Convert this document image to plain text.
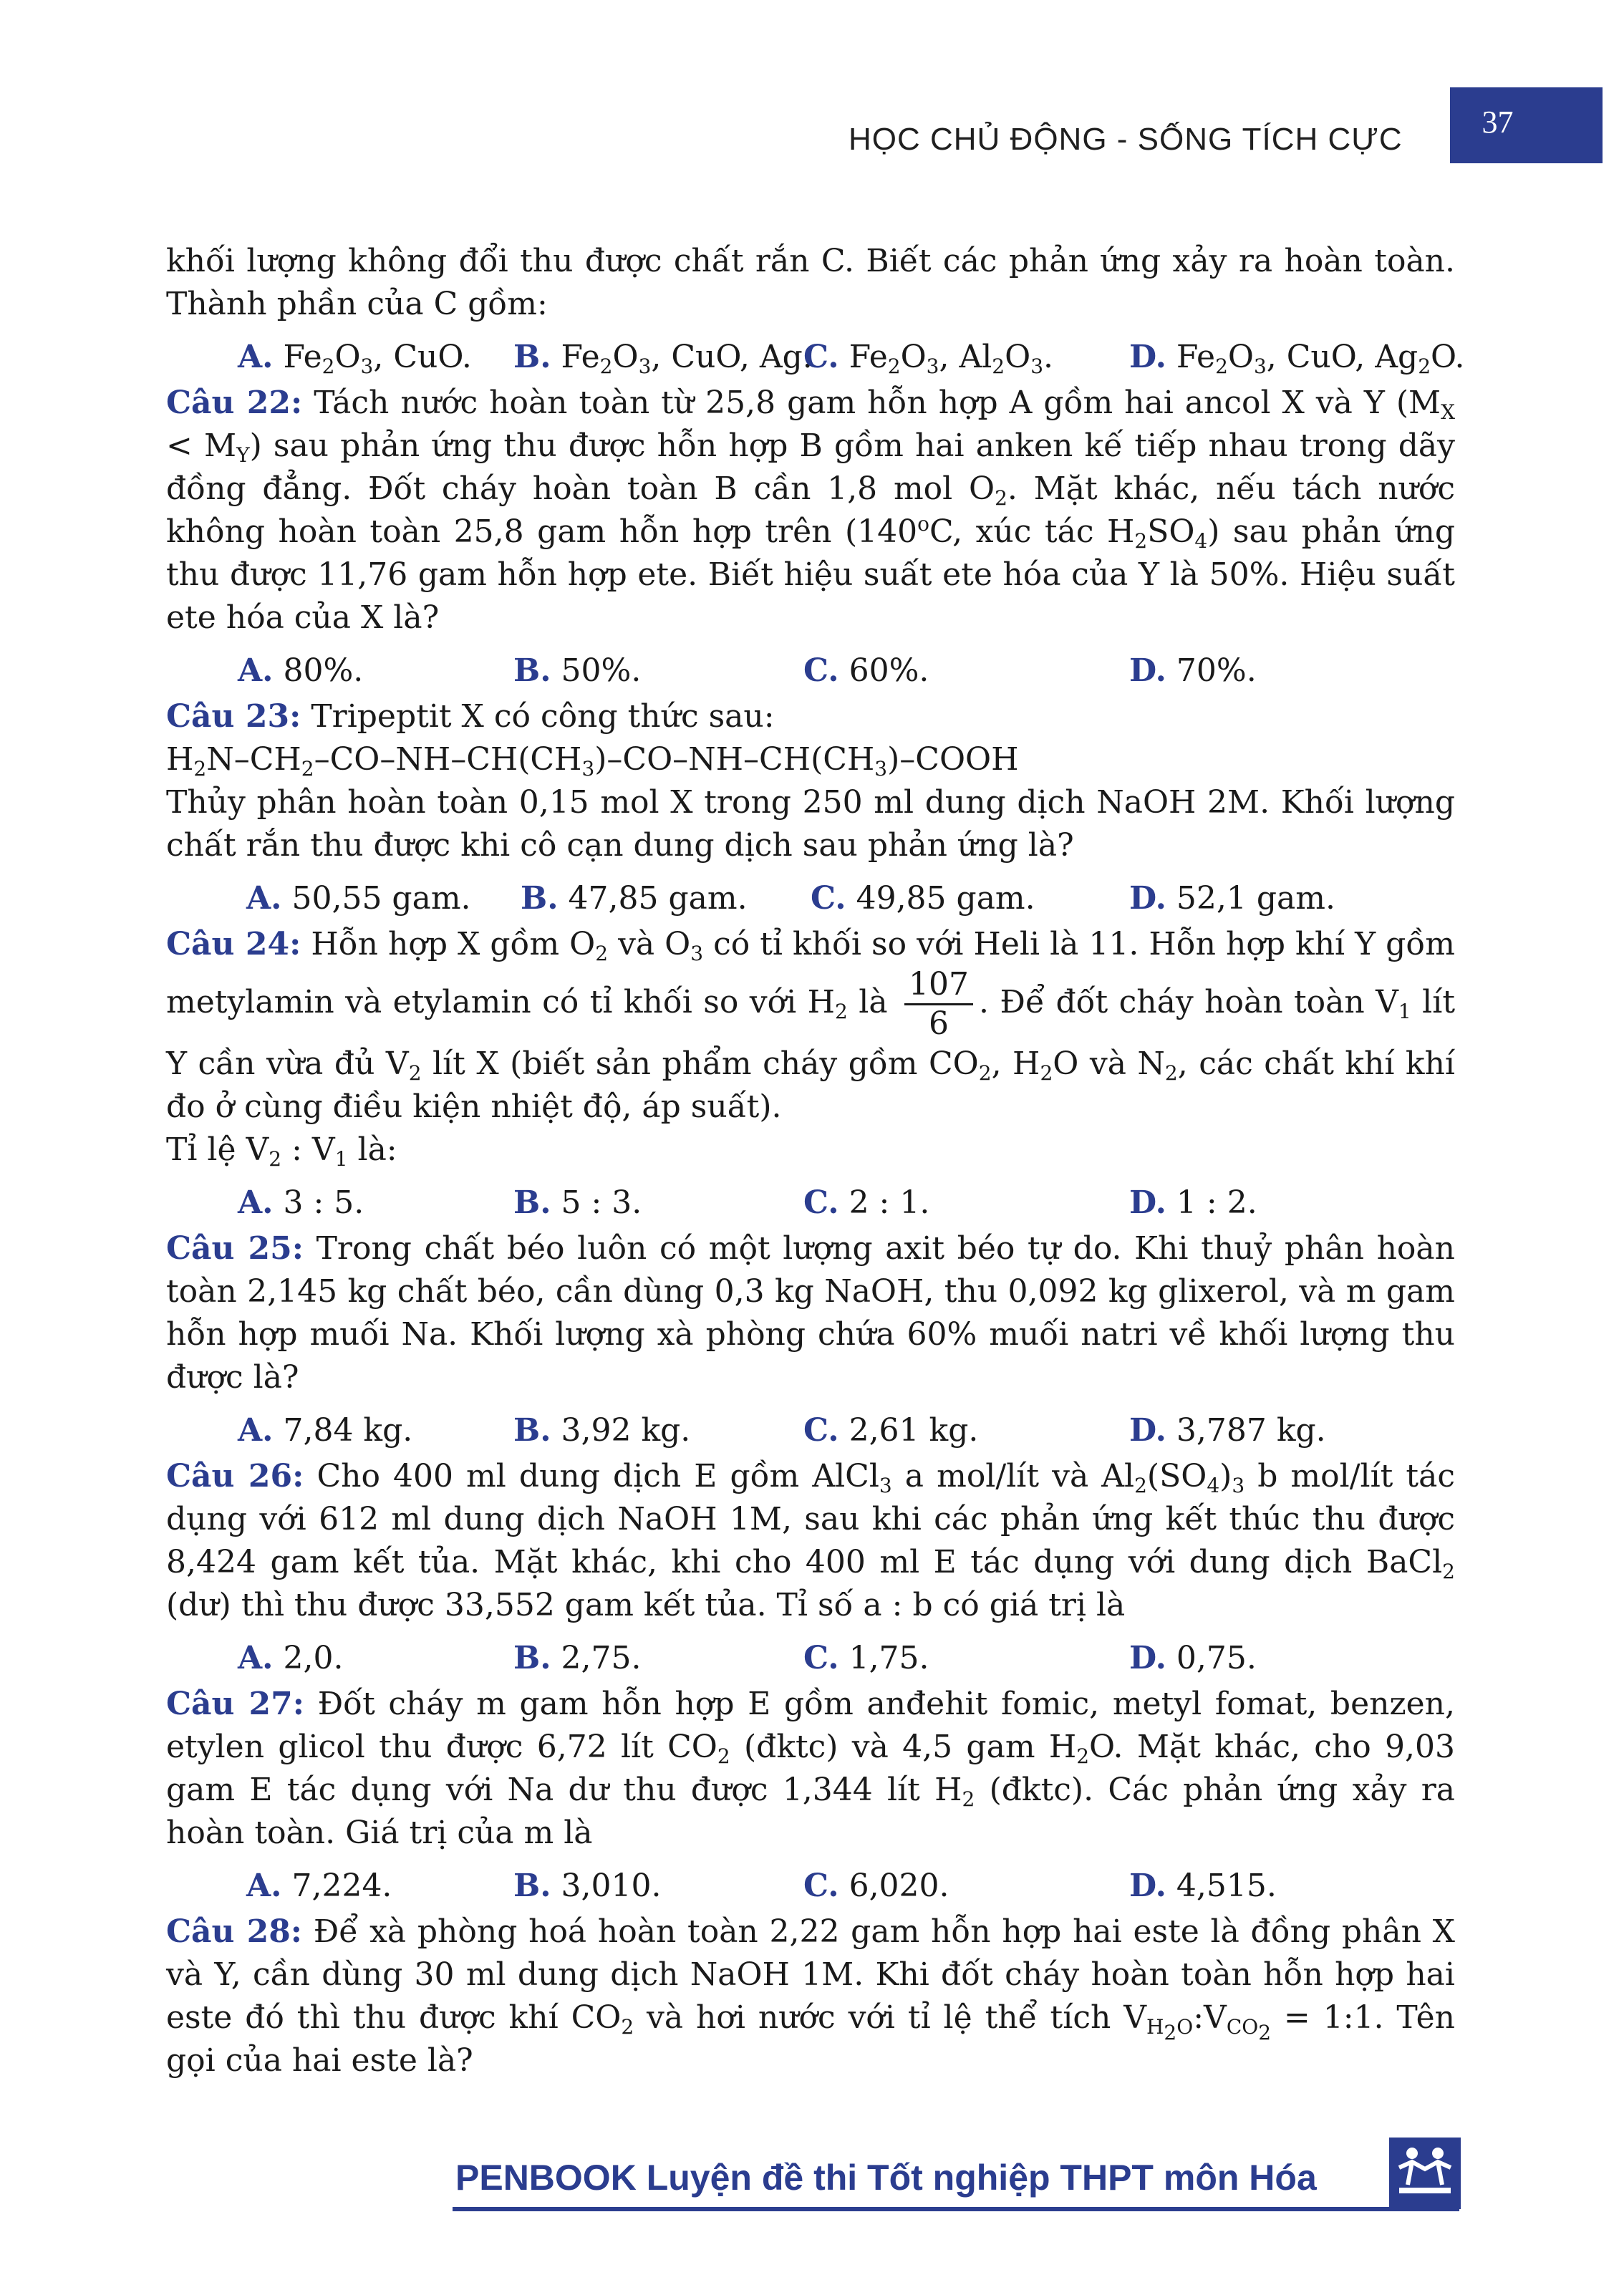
HỌC CHỦ ĐỘNG - SỐNG TÍCH CỰC	37

khối lượng không đổi thu được chất rắn C. Biết các phản ứng xảy ra hoàn toàn. Thành phần của C gồm:

A. $Fe_2O_3$, CuO. B. $Fe_2O_3$, CuO, Ag.
C. $Fe_2O_3$, $Al_2O_3$. D. $Fe_2O_3$, CuO, $Ag_2O$.

Câu 22: Tách nước hoàn toàn từ 25,8 gam hỗn hợp A gồm hai ancol X và Y $(M_X < M_Y)$ sau phản ứng thu được hỗn hợp B gồm hai anken kế tiếp nhau trong dãy đồng đẳng. Đốt cháy hoàn toàn B cần 1,8 mol $O_2$. Mặt khác, nếu tách nước không hoàn toàn 25,8 gam hỗn hợp trên (140$^o$C, xúc tác $H_2SO_4$) sau phản ứng thu được 11,76 gam hỗn hợp ete. Biết hiệu suất ete hóa của Y là 50%. Hiệu suất ete hóa của X là?

A. 80%.	B. 50%.	C. 60%.	D. 70%.

Câu 23: Tripeptit X có công thức sau:

$H_2N-CH_2-CO-NH-CH(CH_3)-CO-NH-CH(CH_3)$–COOH

Thủy phân hoàn toàn 0,15 mol X trong 250 ml dung dịch NaOH 2M. Khối lượng chất rắn thu được khi cô cạn dung dịch sau phản ứng là?

A. 50,55 gam. B. 47,85 gam. C. 49,85 gam.	D. 52,1 gam.

Câu 24: Hỗn hợp X gồm $O_2$ và $O_3$ có tỉ khối so với Heli là 11. Hỗn hợp khí Y gồm metylamin và etylamin có tỉ khối so với $H_2$ là $\frac{107}{6}$ . Để đốt cháy hoàn toàn $V_1$ lít Y cần vừa đủ $V_2$ lít X (biết sản phẩm cháy gồm $CO_2$, $H_2O$ và $N_2$, các chất khí khí đo ở cùng điều kiện nhiệt độ, áp suất).

Tỉ lệ $V_2$ : $V_1$ là:

A. 3 : 5.	B. 5 : 3.	C. 2 : 1.	D. 1 : 2.

Câu 25: Trong chất béo luôn có một lượng axit béo tự do. Khi thuỷ phân hoàn toàn 2,145 kg chất béo, cần dùng 0,3 kg NaOH, thu 0,092 kg glixerol, và m gam hỗn hợp muối Na. Khối lượng xà phòng chứa 60% muối natri về khối lượng thu được là?

A. 7,84 kg.	B. 3,92 kg.	C. 2,61 kg.	D. 3,787 kg.

Câu 26: Cho 400 ml dung dịch E gồm AlCl$_3$ a mol/lít và $Al_2(SO_4)_3$ b mol/lít tác dụng với 612 ml dung dịch NaOH 1M, sau khi các phản ứng kết thúc thu được 8,424 gam kết tủa. Mặt khác, khi cho 400 ml E tác dụng với dung dịch BaCl$_2$ (dư) thì thu được 33,552 gam kết tủa. Tỉ số a : b có giá trị là

A. 2,0.	B. 2,75.	C. 1,75.	D. 0,75.

Câu 27: Đốt cháy m gam hỗn hợp E gồm anđehit fomic, metyl fomat, benzen, etylen glicol thu được 6,72 lít $CO_2$ (đktc) và 4,5 gam $H_2O$. Mặt khác, cho 9,03 gam E tác dụng với Na dư thu được 1,344 lít $H_2$ (đktc). Các phản ứng xảy ra hoàn toàn. Giá trị của m là

A. 7,224.	B. 3,010.	C. 6,020.	D. 4,515.

Câu 28: Để xà phòng hoá hoàn toàn 2,22 gam hỗn hợp hai este là đồng phân X và Y, cần dùng 30 ml dung dịch NaOH 1M. Khi đốt cháy hoàn toàn hỗn hợp hai este đó thì thu được khí $CO_2$ và hơi nước với tỉ lệ thể tích $V_{H_2O}:V_{CO_2}$ = 1:1. Tên gọi của hai este là?

PENBOOK Luyện đề thi Tốt nghiệp THPT môn Hóa
